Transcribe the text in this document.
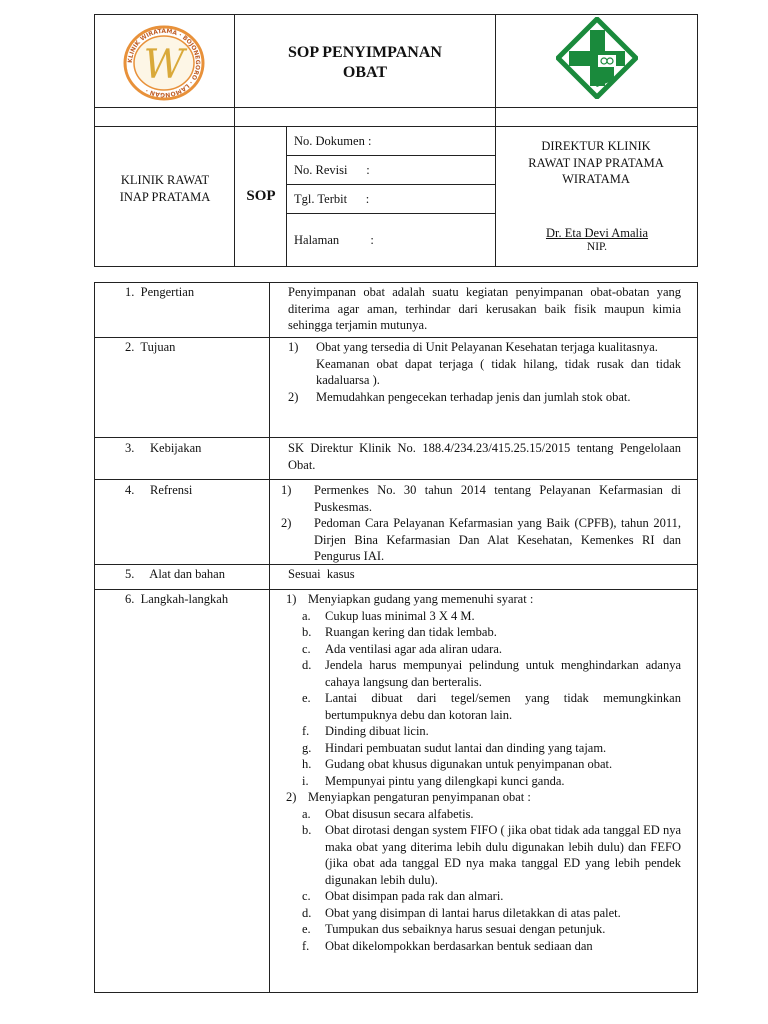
KLINIK WIRATAMA · BOJONEGORO · LAMONGAN ·
W	SOP PENYIMPANAN
OBAT
KLINIK RAWAT INAP PRATAMA	SOP
No. Dokumen :
No. Revisi      :
Tgl. Terbit      :
Halaman          :
DIREKTUR KLINIK RAWAT INAP PRATAMA WIRATAMA
Dr. Eta Devi Amalia
NIP.
1.  Pengertian	Penyimpanan obat adalah suatu kegiatan penyimpanan obat-obatan yang diterima agar aman, terhindar dari kerusakan baik fisik maupun kimia sehingga terjamin mutunya.
2.  Tujuan	1) Obat yang tersedia di Unit Pelayanan Kesehatan terjaga kualitasnya.
Keamanan obat dapat terjaga ( tidak hilang, tidak rusak dan tidak kadaluarsa ).
2) Memudahkan pengecekan terhadap jenis dan jumlah stok obat.
3.     Kebijakan	SK Direktur Klinik No. 188.4/234.23/415.25.15/2015 tentang Pengelolaan Obat.
4.     Refrensi	1) Permenkes No. 30 tahun 2014 tentang Pelayanan Kefarmasian di Puskesmas.
2) Pedoman Cara Pelayanan Kefarmasian yang Baik (CPFB), tahun 2011, Dirjen Bina Kefarmasian Dan Alat Kesehatan, Kemenkes RI dan Pengurus IAI.
5.     Alat dan bahan	Sesuai  kasus
6.  Langkah-langkah	1) Menyiapkan gudang yang memenuhi syarat :
a. Cukup luas minimal 3 X 4 M.
b. Ruangan kering dan tidak lembab.
c. Ada ventilasi agar ada aliran udara.
d. Jendela harus mempunyai pelindung untuk menghindarkan adanya cahaya langsung dan berteralis.
e. Lantai dibuat dari tegel/semen yang tidak memungkinkan bertumpuknya debu dan kotoran lain.
f. Dinding dibuat licin.
g. Hindari pembuatan sudut lantai dan dinding yang tajam.
h. Gudang obat khusus digunakan untuk penyimpanan obat.
i. Mempunyai pintu yang dilengkapi kunci ganda.
2) Menyiapkan pengaturan penyimpanan obat :
a. Obat disusun secara alfabetis.
b. Obat dirotasi dengan system FIFO ( jika obat tidak ada tanggal ED nya maka obat yang diterima lebih dulu digunakan lebih dulu) dan FEFO (jika obat ada tanggal ED nya maka tanggal ED yang lebih pendek digunakan lebih dulu).
c. Obat disimpan pada rak dan almari.
d. Obat yang disimpan di lantai harus diletakkan di atas palet.
e. Tumpukan dus sebaiknya harus sesuai dengan petunjuk.
f. Obat dikelompokkan berdasarkan bentuk sediaan dan
